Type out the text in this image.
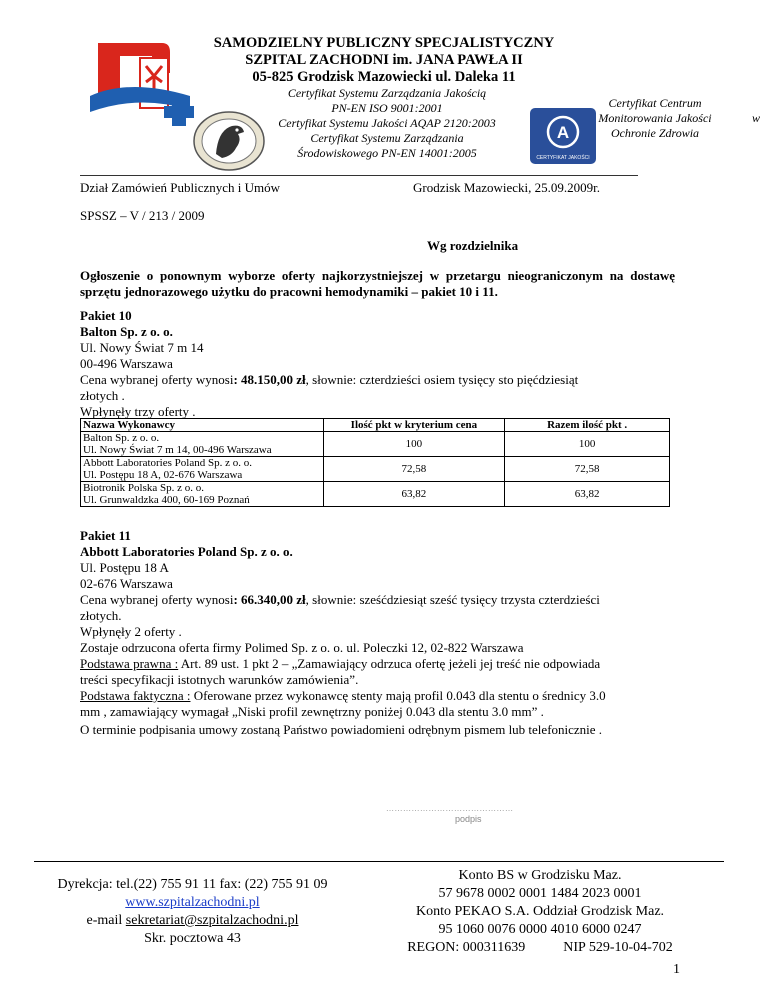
SAMODZIELNY PUBLICZNY SPECJALISTYCZNY
SZPITAL ZACHODNI im. JANA PAWŁA II
05-825 Grodzisk Mazowiecki ul. Daleka 11
Certyfikat Systemu Zarządzania Jakością
PN-EN ISO 9001:2001
Certyfikat Systemu Jakości AQAP 2120:2003
Certyfikat Systemu Zarządzania
Środowiskowego PN-EN 14001:2005
A
CERTYFIKAT JAKOŚCI
Certyfikat Centrum
Monitorowania Jakości
Ochronie Zdrowia
w
Dział Zamówień Publicznych i Umów	Grodzisk Mazowiecki, 25.09.2009r.
SPSSZ – V / 213 / 2009
Wg rozdzielnika
Ogłoszenie o ponownym wyborze oferty najkorzystniejszej w przetargu nieograniczonym na dostawę sprzętu jednorazowego użytku do pracowni hemodynamiki – pakiet 10 i 11.
Pakiet 10
Balton Sp. z o. o.
Ul. Nowy Świat 7 m 14
00-496 Warszawa
Cena wybranej oferty wynosi: 48.150,00 zł, słownie: czterdzieści osiem tysięcy sto pięćdziesiąt
złotych .
Wpłynęły trzy oferty .
Nazwa Wykonawcy	Ilość pkt w kryterium cena	Razem ilość pkt .

Balton Sp. z o. o.
Ul. Nowy Świat 7 m 14, 00-496 Warszawa	100	100

Abbott Laboratories Poland Sp. z o. o.
Ul. Postępu 18 A, 02-676 Warszawa	72,58	72,58

Biotronik Polska Sp. z o. o.
Ul. Grunwaldzka 400, 60-169 Poznań	63,82	63,82
Pakiet 11
Abbott Laboratories Poland Sp. z o. o.
Ul. Postępu 18 A
02-676 Warszawa
Cena wybranej oferty wynosi: 66.340,00 zł, słownie: sześćdziesiąt sześć tysięcy trzysta czterdzieści
złotych.
Wpłynęły 2 oferty .
Zostaje odrzucona oferta firmy Polimed Sp. z o. o. ul. Poleczki 12, 02-822 Warszawa
Podstawa prawna : Art. 89 ust. 1 pkt 2 – „Zamawiający odrzuca ofertę jeżeli jej treść nie odpowiada
treści specyfikacji istotnych warunków zamówienia”.
Podstawa faktyczna : Oferowane przez wykonawcę stenty mają profil 0.043 dla stentu o średnicy 3.0
mm , zamawiający wymagał „Niski profil zewnętrzny poniżej 0.043 dla stentu 3.0 mm” .
O terminie podpisania umowy zostaną Państwo powiadomieni odrębnym pismem lub telefonicznie .
………………………………………
podpis
Dyrekcja: tel.(22) 755 91 11 fax: (22) 755 91 09
www.szpitalzachodni.pl
e-mail sekretariat@szpitalzachodni.pl
Skr. pocztowa 43
Konto BS w Grodzisku Maz.
57 9678 0002 0001 1484 2023 0001
Konto PEKAO S.A. Oddział Grodzisk Maz.
95 1060 0076 0000 4010 6000 0247
REGON: 000311639	NIP 529-10-04-702
1
